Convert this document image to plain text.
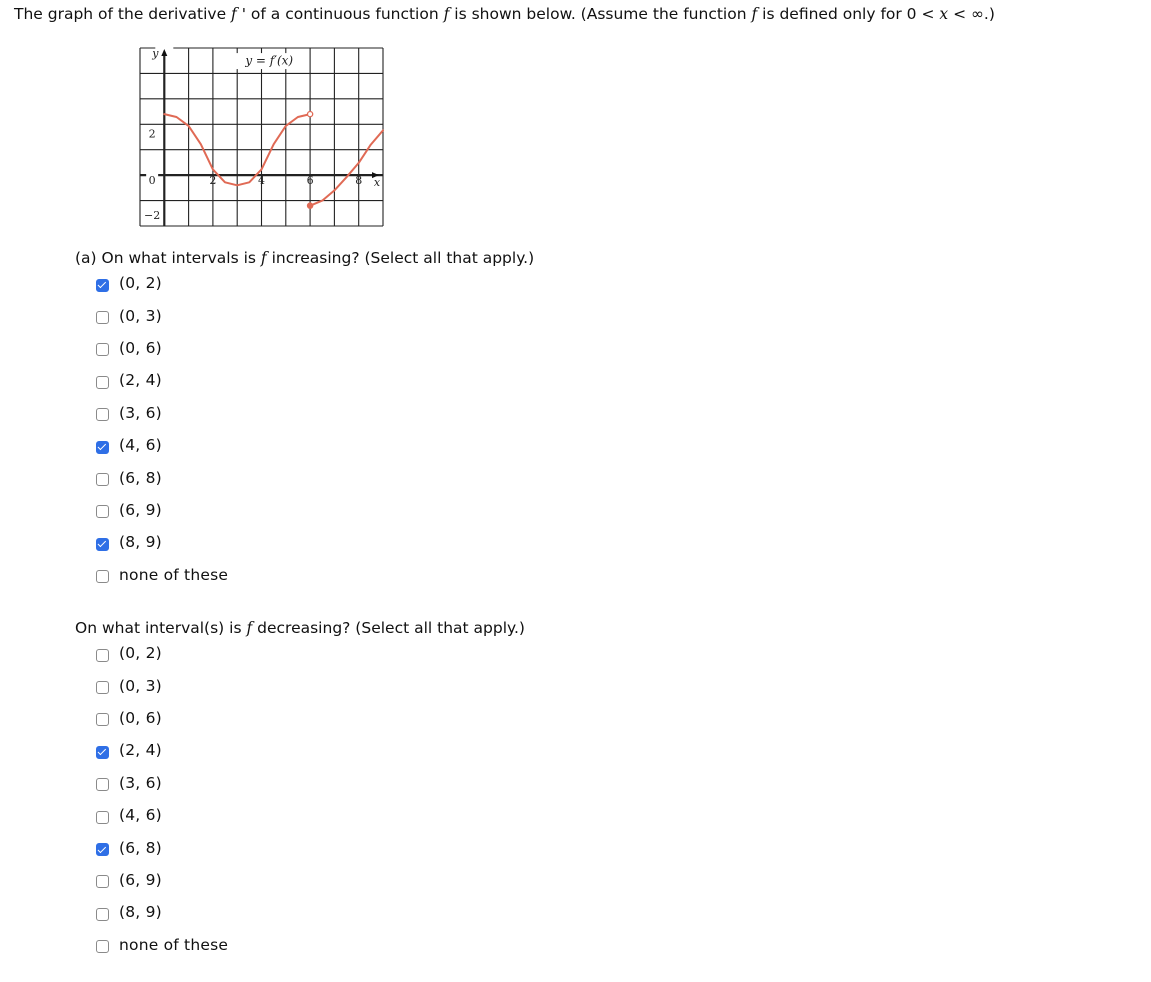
The graph of the derivative f ' of a continuous function f is shown below. (Assume the function f is defined only for 0 < x < ∞.)
y
x
y = f′(x)
0	2	4	6	8
2
−2
(a) On what intervals is f increasing? (Select all that apply.)
(0, 2)
(0, 3)
(0, 6)
(2, 4)
(3, 6)
(4, 6)
(6, 8)
(6, 9)
(8, 9)
none of these
On what interval(s) is f decreasing? (Select all that apply.)
(0, 2)
(0, 3)
(0, 6)
(2, 4)
(3, 6)
(4, 6)
(6, 8)
(6, 9)
(8, 9)
none of these
